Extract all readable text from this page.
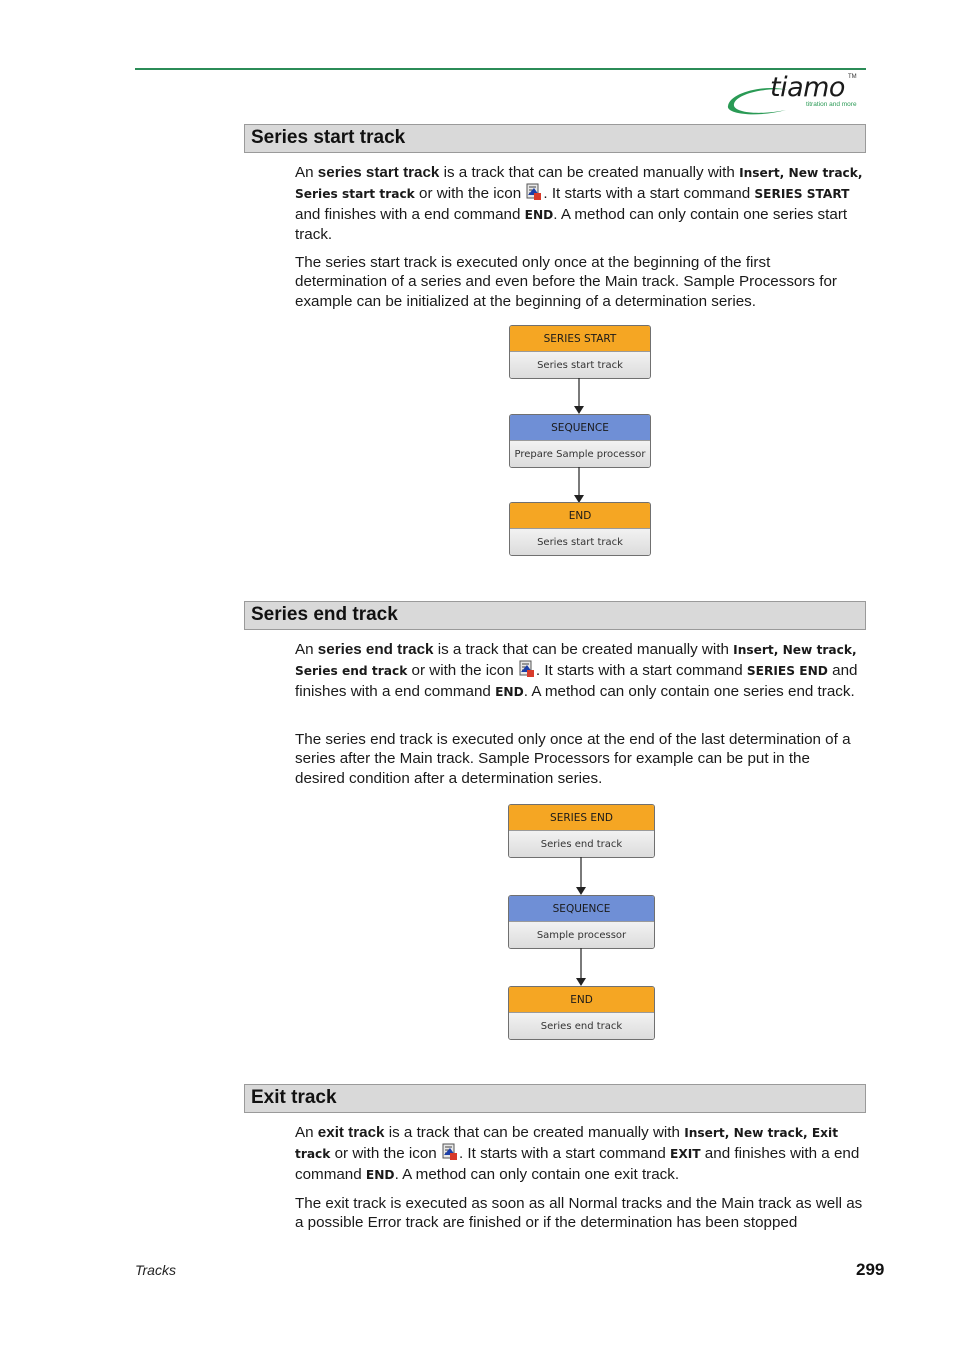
tiamo TM
titration and more
Series start track
An series start track is a track that can be created manually with Insert, New track, Series start track or with the icon . It starts with a start command SERIES START and finishes with a end command END. A method can only contain one series start track.
The series start track is executed only once at the beginning of the first determination of a series and even before the Main track. Sample Processors for example can be initialized at the beginning of a determination series.
SERIES START
Series start track
SEQUENCE
Prepare Sample processor
END
Series start track
Series end track
An series end track is a track that can be created manually with Insert, New track, Series end track or with the icon . It starts with a start command SERIES END and finishes with a end command END. A method can only contain one series end track.
The series end track is executed only once at the end of the last determination of a series after the Main track. Sample Processors for example can be put in the desired condition after a determination series.
SERIES END
Series end track
SEQUENCE
Sample processor
END
Series end track
Exit track
An exit track is a track that can be created manually with Insert, New track, Exit track or with the icon . It starts with a start command EXIT and finishes with a end command END. A method can only contain one exit track.
The exit track is executed as soon as all Normal tracks and the Main track as well as a possible Error track are finished or if the determination has been stopped
Tracks	299
